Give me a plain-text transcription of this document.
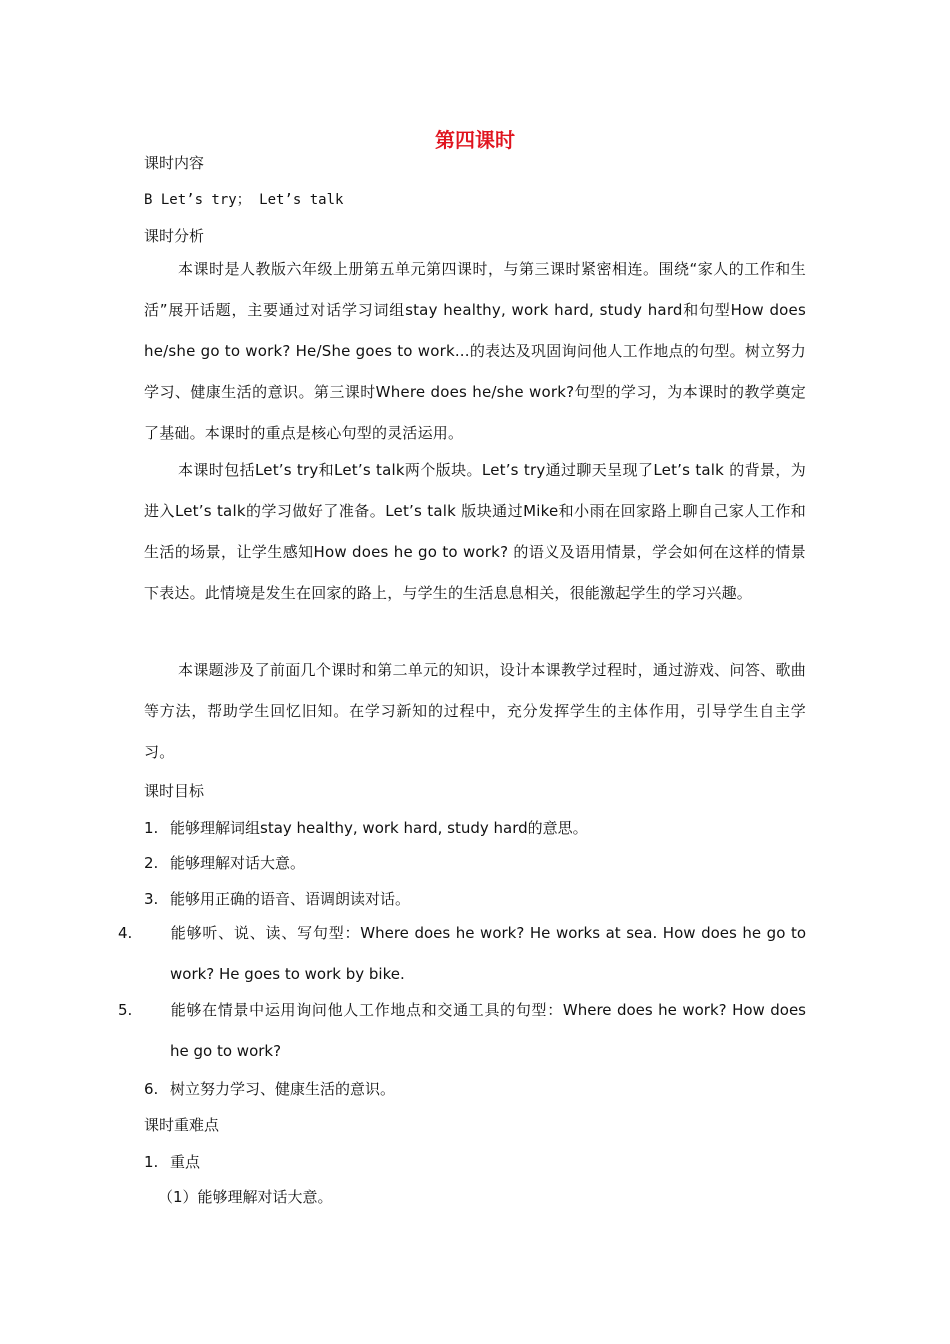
第四课时
课时内容
B Let’s try； Let’s talk
课时分析
本课时是人教版六年级上册第五单元第四课时，与第三课时紧密相连。围绕“家人的工作和生活”展开话题，主要通过对话学习词组stay healthy, work hard, study hard和句型How does he/she go to work? He/She goes to work...的表达及巩固询问他人工作地点的句型。树立努力学习、健康生活的意识。第三课时Where does he/she work?句型的学习，为本课时的教学奠定了基础。本课时的重点是核心句型的灵活运用。
本课时包括Let’s try和Let’s talk两个版块。Let’s try通过聊天呈现了Let’s talk 的背景，为进入Let’s talk的学习做好了准备。Let’s talk 版块通过Mike和小雨在回家路上聊自己家人工作和生活的场景，让学生感知How does he go to work? 的语义及语用情景，学会如何在这样的情景下表达。此情境是发生在回家的路上，与学生的生活息息相关，很能激起学生的学习兴趣。
本课题涉及了前面几个课时和第二单元的知识，设计本课教学过程时，通过游戏、问答、歌曲等方法，帮助学生回忆旧知。在学习新知的过程中，充分发挥学生的主体作用，引导学生自主学习。
课时目标
1. 能够理解词组stay healthy, work hard, study hard的意思。
2. 能够理解对话大意。
3. 能够用正确的语音、语调朗读对话。
4.	能够听、说、读、写句型：Where does he work? He works at sea. How does he go to work? He goes to work by bike.
5.	能够在情景中运用询问他人工作地点和交通工具的句型：Where does he work? How does he go to work?
6. 树立努力学习、健康生活的意识。
课时重难点
1. 重点
（1）能够理解对话大意。
